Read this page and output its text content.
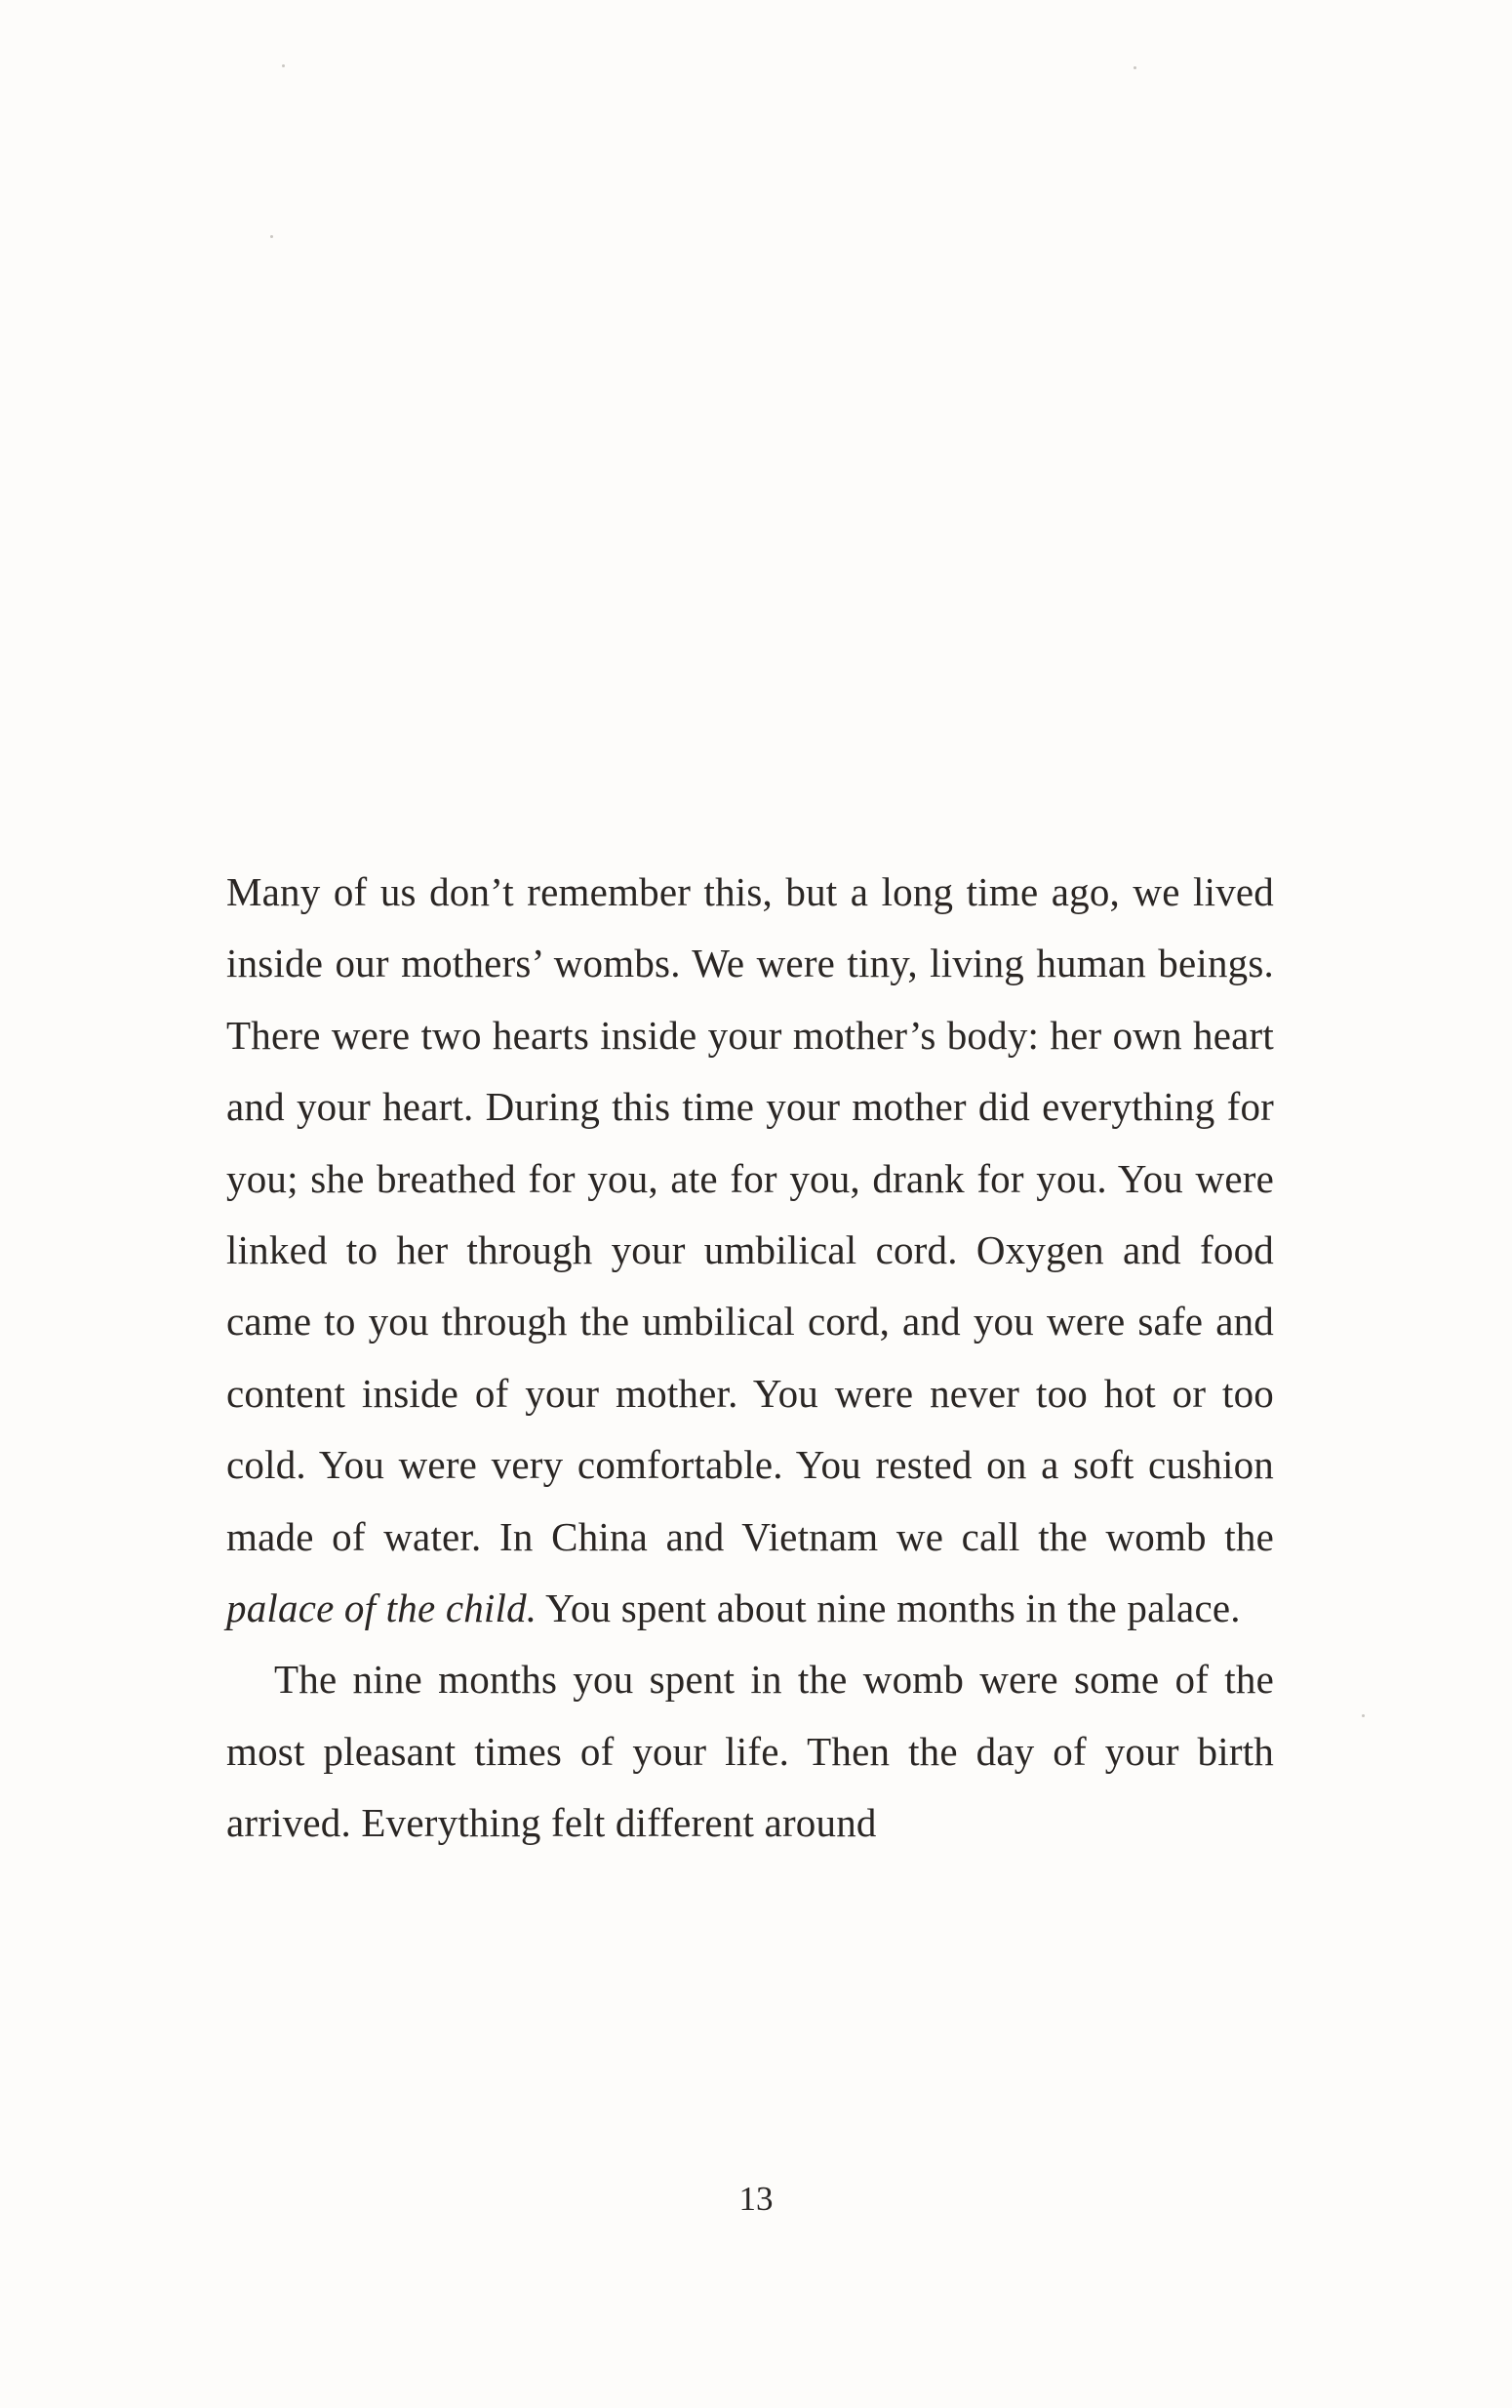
Many of us don’t remember this, but a long time ago, we lived inside our mothers’ wombs. We were tiny, living human beings. There were two hearts inside your mother’s body: her own heart and your heart. During this time your mother did everything for you; she breathed for you, ate for you, drank for you. You were linked to her through your umbilical cord. Oxygen and food came to you through the umbilical cord, and you were safe and content inside of your mother. You were never too hot or too cold. You were very comfortable. You rested on a soft cushion made of water. In China and Vietnam we call the womb the palace of the child. You spent about nine months in the palace.

The nine months you spent in the womb were some of the most pleasant times of your life. Then the day of your birth arrived. Everything felt different around

13
